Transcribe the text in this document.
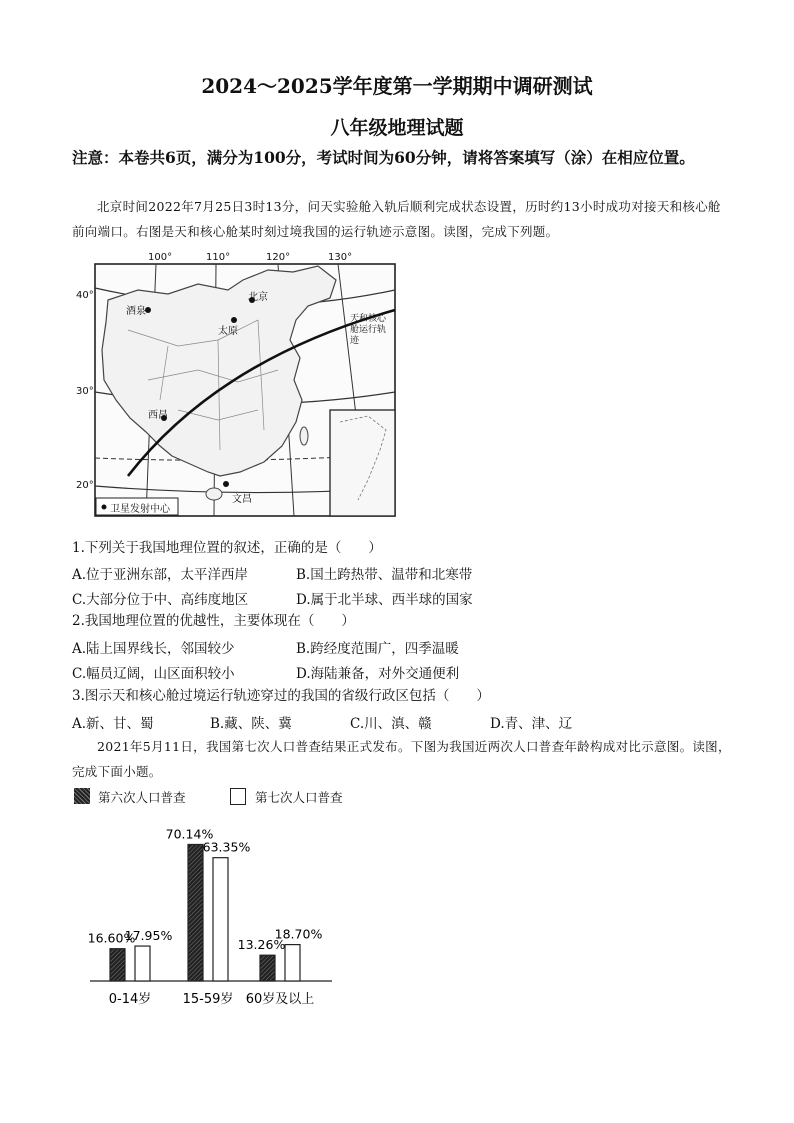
2024～2025学年度第一学期期中调研测试
八年级地理试题
注意：本卷共6页，满分为100分，考试时间为60分钟，请将答案填写（涂）在相应位置。
北京时间2022年7月25日3时13分，问天实验舱入轨后顺利完成状态设置，历时约13小时成功对接天和核心舱前向端口。右图是天和核心舱某时刻过境我国的运行轨迹示意图。读图，完成下列题。
100°	110°	120°	130°
40°
30°
20°
酒泉
太原
北京
西昌
文昌
天和核心舱运行轨迹
卫星发射中心
1.下列关于我国地理位置的叙述，正确的是（　　）
A.位于亚洲东部，太平洋西岸	B.国土跨热带、温带和北寒带
C.大部分位于中、高纬度地区	D.属于北半球、西半球的国家
2.我国地理位置的优越性，主要体现在（　　）
A.陆上国界线长，邻国较少	B.跨经度范围广，四季温暖
C.幅员辽阔，山区面积较小	D.海陆兼备，对外交通便利
3.图示天和核心舱过境运行轨迹穿过的我国的省级行政区包括（　　）
A.新、甘、蜀	B.藏、陕、冀	C.川、滇、赣	D.青、津、辽
2021年5月11日，我国第七次人口普查结果正式发布。下图为我国近两次人口普查年龄构成对比示意图。读图，完成下面小题。
第六次人口普查	第七次人口普查
16.60%
17.95%
0-14岁
70.14%
63.35%
15-59岁
13.26%
18.70%
60岁及以上
